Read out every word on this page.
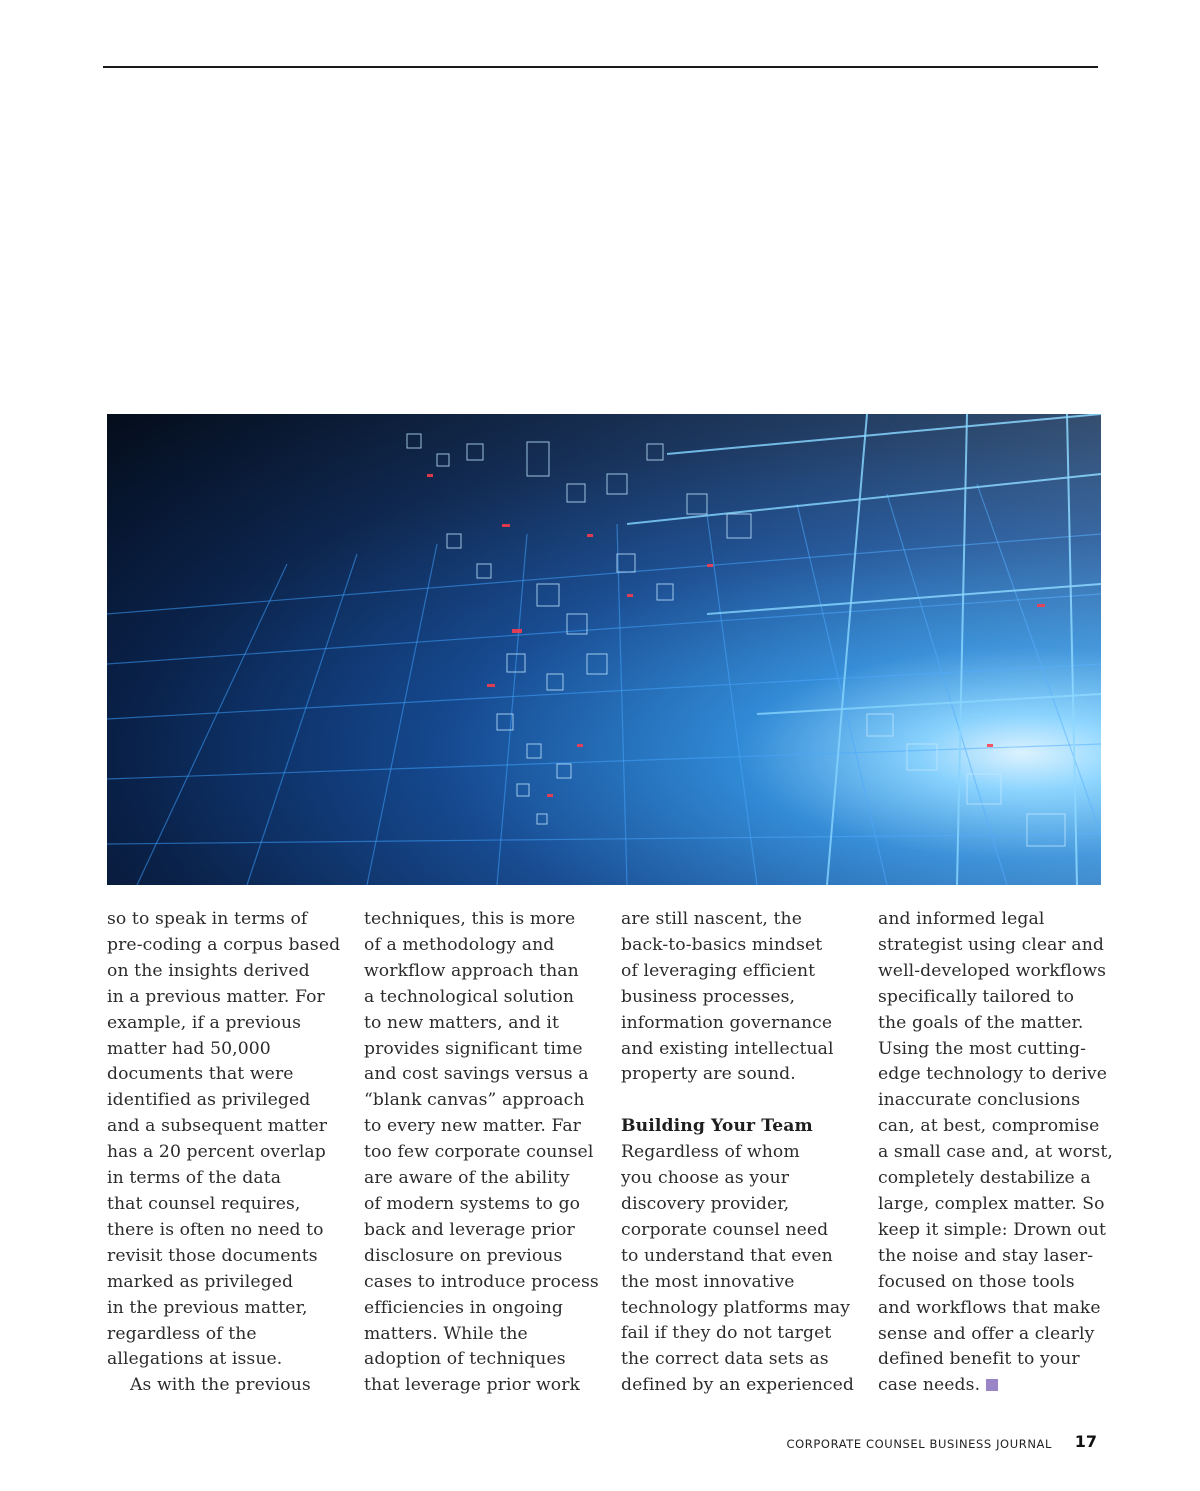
so to speak in terms of
pre-coding a corpus based
on the insights derived
in a previous matter. For
example, if a previous
matter had 50,000
documents that were
identified as privileged
and a subsequent matter
has a 20 percent overlap
in terms of the data
that counsel requires,
there is often no need to
revisit those documents
marked as privileged
in the previous matter,
regardless of the
allegations at issue.
As with the previous
techniques, this is more
of a methodology and
workflow approach than
a technological solution
to new matters, and it
provides significant time
and cost savings versus a
“blank canvas” approach
to every new matter. Far
too few corporate counsel
are aware of the ability
of modern systems to go
back and leverage prior
disclosure on previous
cases to introduce process
efficiencies in ongoing
matters. While the
adoption of techniques
that leverage prior work
are still nascent, the
back-to-basics mindset
of leveraging efficient
business processes,
information governance
and existing intellectual
property are sound.
Building Your Team
Regardless of whom
you choose as your
discovery provider,
corporate counsel need
to understand that even
the most innovative
technology platforms may
fail if they do not target
the correct data sets as
defined by an experienced
and informed legal
strategist using clear and
well-developed workflows
specifically tailored to
the goals of the matter.
Using the most cutting-
edge technology to derive
inaccurate conclusions
can, at best, compromise
a small case and, at worst,
completely destabilize a
large, complex matter. So
keep it simple: Drown out
the noise and stay laser-
focused on those tools
and workflows that make
sense and offer a clearly
defined benefit to your
case needs.
CORPORATE COUNSEL BUSINESS JOURNAL 17
